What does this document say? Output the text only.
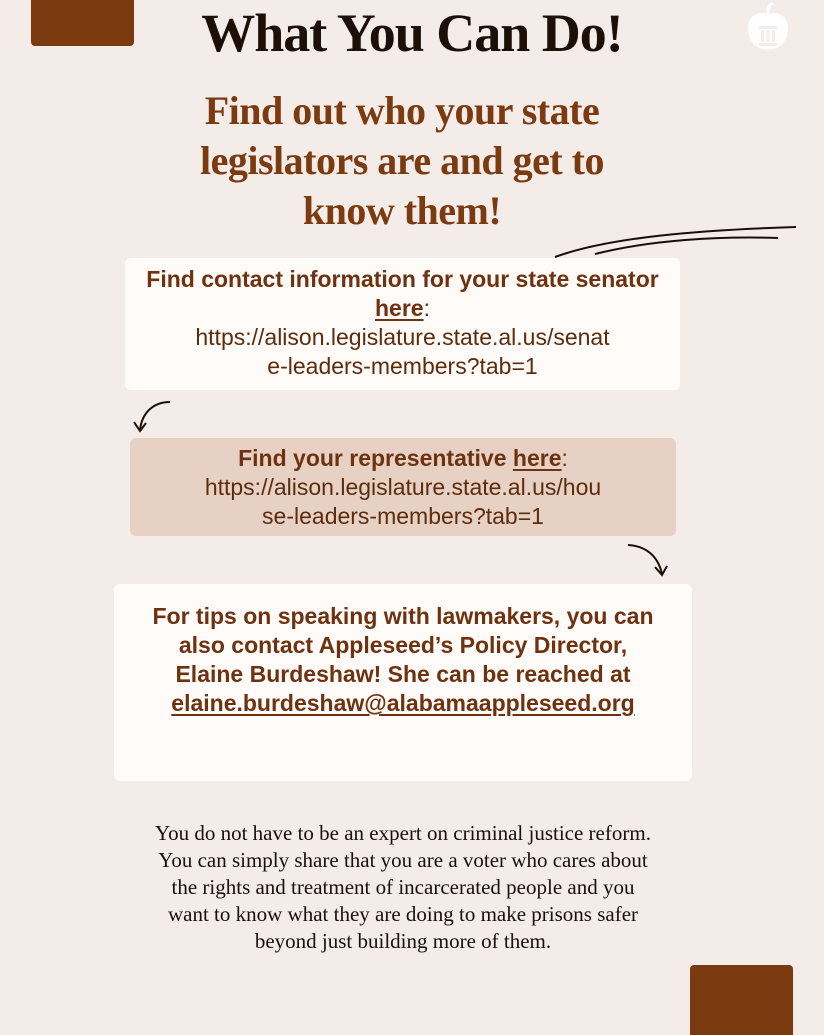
What You Can Do!
Find out who your state legislators are and get to know them!
Find contact information for your state senator here:
https://alison.legislature.state.al.us/senat
e-leaders-members?tab=1
Find your representative here:
https://alison.legislature.state.al.us/hou
se-leaders-members?tab=1
For tips on speaking with lawmakers, you can also contact Appleseed’s Policy Director, Elaine Burdeshaw! She can be reached at
elaine.burdeshaw@alabamaappleseed.org
You do not have to be an expert on criminal justice reform. You can simply share that you are a voter who cares about the rights and treatment of incarcerated people and you want to know what they are doing to make prisons safer beyond just building more of them.
